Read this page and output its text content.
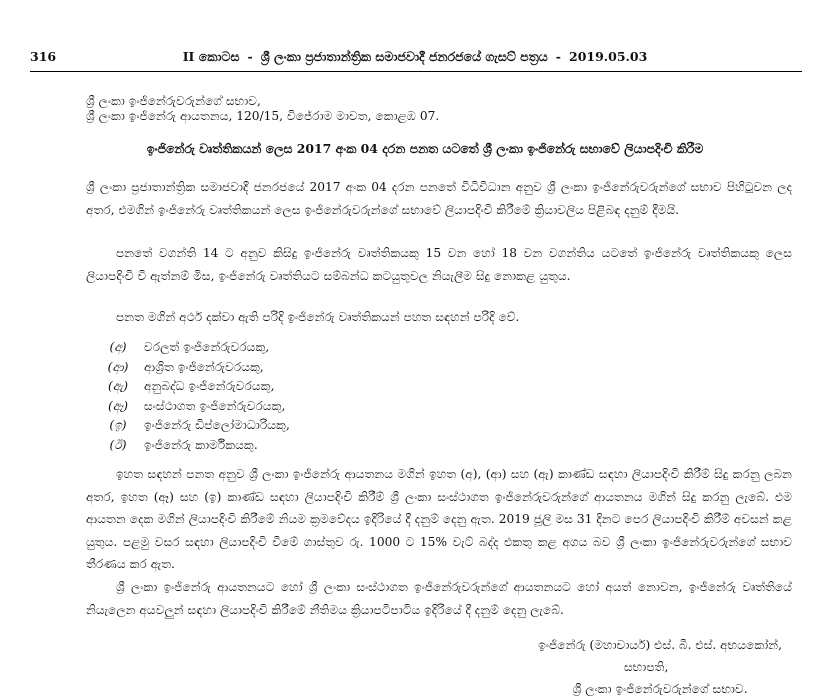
316	II කොටස - ශ්‍රී ලංකා ප්‍රජාතාන්ත්‍රික සමාජවාදී ජනරජයේ ගැසට් පත්‍රය - 2019.05.03
ශ්‍රී ලංකා ඉංජිනේරුවරුන්ගේ සභාව,
ශ්‍රී ලංකා ඉංජිනේරු ආයතනය, 120/15, විජේරාම මාවත, කොළඹ 07.
ඉංජිනේරු වෘත්තිකයන් ලෙස 2017 අංක 04 දරන පනත යටතේ ශ්‍රී ලංකා ඉංජිනේරු සභාවේ ලියාපදිංචි කිරීම
ශ්‍රී ලංකා ප්‍රජාතාන්ත්‍රික සමාජවාදී ජනරජයේ 2017 අංක 04 දරන පනතේ විධිවිධාන අනුව ශ්‍රී ලංකා ඉංජිනේරුවරුන්ගේ සභාව පිහිටුවන ලද අතර, එමගින් ඉංජිනේරු වෘත්තිකයන් ලෙස ඉංජිනේරුවරුන්ගේ සභාවේ ලියාපදිංචි කිරීමේ ක්‍රියාවලිය පිළිබඳ දනුම් දීමයි.
පනතේ වගන්ති 14 ට අනුව කිසිදු ඉංජිනේරු වෘත්තිකයකු 15 වන හෝ 18 වන වගන්තිය යටතේ ඉංජිනේරු වෘත්තිකයකු ලෙස ලියාපදිංචි වී ඇත්නම් මිස, ඉංජිනේරු වෘත්තියට සම්බන්ධ කටයුතුවල නියැලීම සිදු නොකළ යුතුය.
පනත මගින් අර්ථ දක්වා ඇති පරිදි ඉංජිනේරු වෘත්තිකයන් පහත සඳහන් පරිදි වේ.
(අ)	වරලත් ඉංජිනේරුවරයකු,
(ආ)	ආශ්‍රිත ඉංජිනේරුවරයකු,
(ඇ)	අනුබද්ධ ඉංජිනේරුවරයකු,
(ඈ)	සංස්ථාගත ඉංජිනේරුවරයකු,
(ඉ)	ඉංජිනේරු ඩිප්ලෝමාධාරියකු,
(ඊ)	ඉංජිනේරු කාර්මිකයකු.
ඉහත සඳහන් පනත අනුව ශ්‍රී ලංකා ඉංජිනේරු ආයතනය මගින් ඉහත (අ), (ආ) සහ (ඇ) කාණ්ඩ සඳහා ලියාපදිංචි කිරීම් සිදු කරනු ලබන අතර, ඉහත (ඈ) සහ (ඉ) කාණ්ඩ සඳහා ලියාපදිංචි කිරීම් ශ්‍රී ලංකා සංස්ථාගත ඉංජිනේරුවරුන්ගේ ආයතනය මගින් සිදු කරනු ලැබේ. එම ආයතන දෙක මගින් ලියාපදිංචි කිරීමේ නියම ක්‍රමවේදය ඉදිරියේ දී දනුම් දෙනු ඇත. 2019 ජූලි මස 31 දිනට පෙර ලියාපදිංචි කිරීම් අවසන් කළ යුතුය. පළමු වසර සඳහා ලියාපදිංචි වීමේ ගාස්තුව රු. 1000 ට 15% වැට් බද්ද එකතු කළ අගය බව ශ්‍රී ලංකා ඉංජිනේරුවරුන්ගේ සභාව තීරණය කර ඇත.
ශ්‍රී ලංකා ඉංජිනේරු ආයතනයට හෝ ශ්‍රී ලංකා සංස්ථාගත ඉංජිනේරුවරුන්ගේ ආයතනයට හෝ අයත් නොවන, ඉංජිනේරු වෘත්තියේ නියැලෙන අයවලුන් සඳහා ලියාපදිංචි කිරීමේ නීතිමය ක්‍රියාපටිපාටිය ඉදිරියේ දී දනුම් දෙනු ලැබේ.
ඉංජිනේරු (මහාචාර්ය) එස්. බී. එස්. අභයකෝන්,
සභාපති,
ශ්‍රී ලංකා ඉංජිනේරුවරුන්ගේ සභාව.
